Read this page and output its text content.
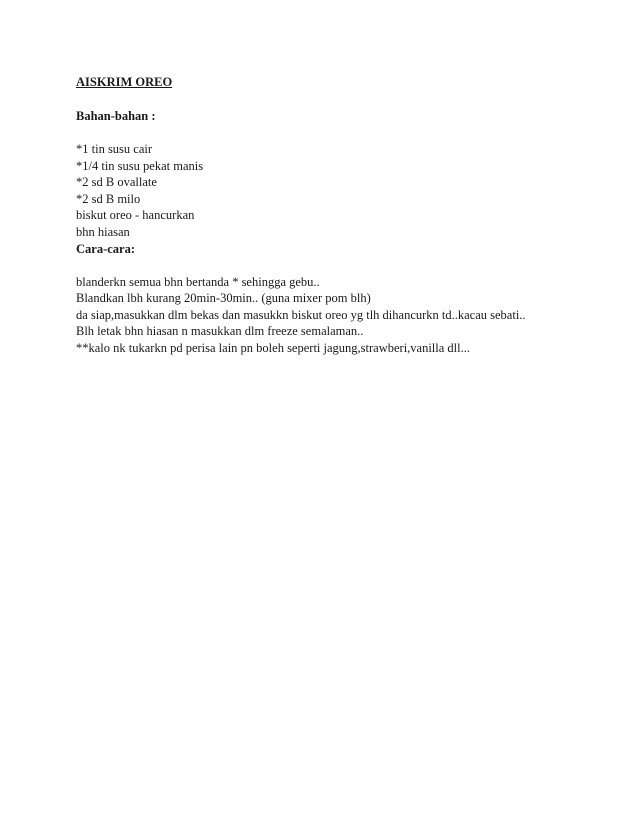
AISKRIM OREO
Bahan-bahan :
*1 tin susu cair
*1/4 tin susu pekat manis
*2 sd B ovallate
*2 sd B milo
biskut oreo - hancurkan
bhn hiasan
Cara-cara:
blanderkn semua bhn bertanda * sehingga gebu..
Blandkan lbh kurang 20min-30min.. (guna mixer pom blh)
da siap,masukkan dlm bekas dan masukkn biskut oreo yg tlh dihancurkn td..kacau sebati..
Blh letak bhn hiasan n masukkan dlm freeze semalaman..
**kalo nk tukarkn pd perisa lain pn boleh seperti jagung,strawberi,vanilla dll...
